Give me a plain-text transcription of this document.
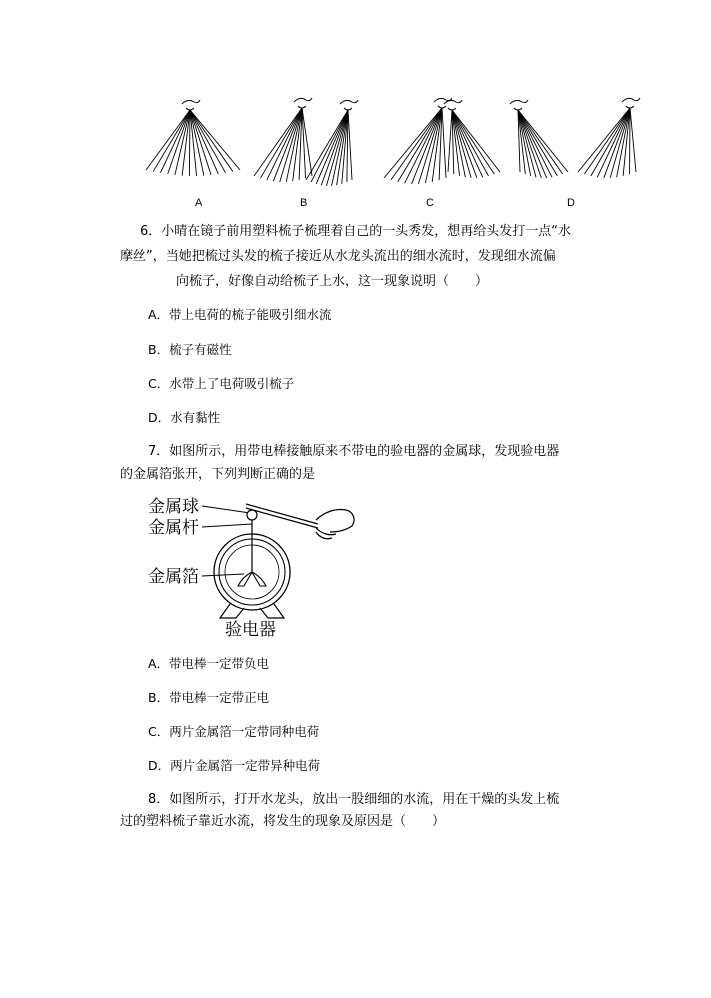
A	B	C	D
6．小晴在镜子前用塑料梳子梳理着自己的一头秀发，想再给头发打一点“水
摩丝”，当她把梳过头发的梳子接近从水龙头流出的细水流时，发现细水流偏
向梳子，好像自动给梳子上水，这一现象说明（　　）
A．带上电荷的梳子能吸引细水流
B．梳子有磁性
C．水带上了电荷吸引梳子
D．水有黏性
7．如图所示，用带电棒接触原来不带电的验电器的金属球，发现验电器
的金属箔张开，下列判断正确的是
金属球
金属杆
金属箔
验电器
A．带电棒一定带负电
B．带电棒一定带正电
C．两片金属箔一定带同种电荷
D．两片金属箔一定带异种电荷
8．如图所示，打开水龙头，放出一股细细的水流，用在干燥的头发上梳
过的塑料梳子靠近水流，将发生的现象及原因是（　　）
